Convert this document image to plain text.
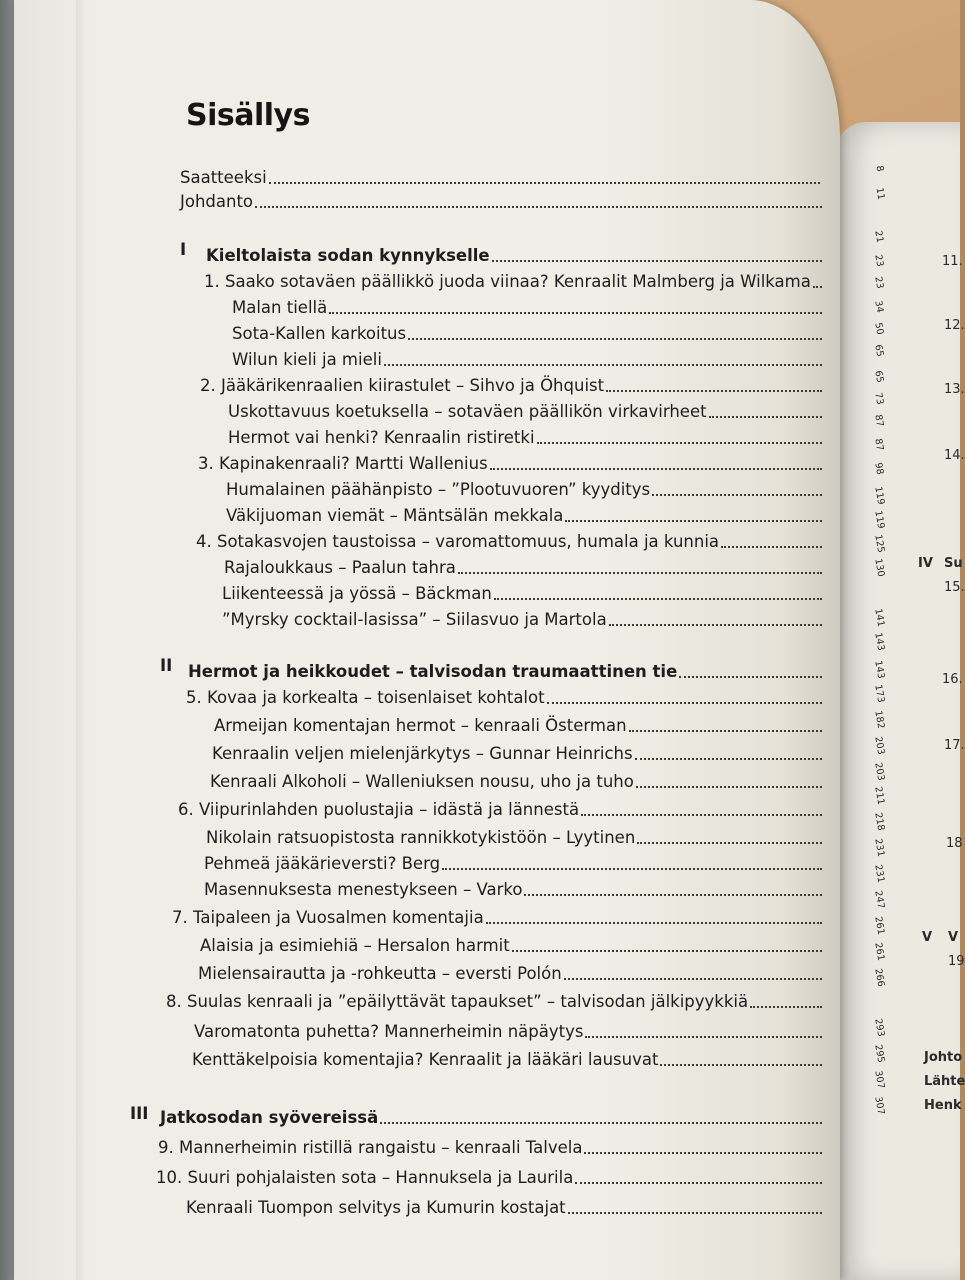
11.
12.
13.
14.
IV Su
15.
16.
17.
18
V V
19
Johto
Lähte
Henk
Sisällys
Saatteeksi
Johdanto
I Kieltolaista sodan kynnykselle
1. Saako sotaväen päällikkö juoda viinaa? Kenraalit Malmberg ja Wilkama
Malan tiellä
Sota-Kallen karkoitus
Wilun kieli ja mieli
2. Jääkärikenraalien kiirastulet – Sihvo ja Öhquist
Uskottavuus koetuksella – sotaväen päällikön virkavirheet
Hermot vai henki? Kenraalin ristiretki
3. Kapinakenraali? Martti Wallenius
Humalainen päähänpisto – ”Plootuvuoren” kyyditys
Väkijuoman viemät – Mäntsälän mekkala
4. Sotakasvojen taustoissa – varomattomuus, humala ja kunnia
Rajaloukkaus – Paalun tahra
Liikenteessä ja yössä – Bäckman
”Myrsky cocktail-lasissa” – Siilasvuo ja Martola
II Hermot ja heikkoudet – talvisodan traumaattinen tie
5. Kovaa ja korkealta – toisenlaiset kohtalot
Armeijan komentajan hermot – kenraali Österman
Kenraalin veljen mielenjärkytys – Gunnar Heinrichs
Kenraali Alkoholi – Walleniuksen nousu, uho ja tuho
6. Viipurinlahden puolustajia – idästä ja lännestä
Nikolain ratsuopistosta rannikkotykistöön – Lyytinen
Pehmeä jääkärieversti? Berg
Masennuksesta menestykseen – Varko
7. Taipaleen ja Vuosalmen komentajia
Alaisia ja esimiehiä – Hersalon harmit
Mielensairautta ja -rohkeutta – eversti Polón
8. Suulas kenraali ja ”epäilyttävät tapaukset” – talvisodan jälkipyykkiä
Varomatonta puhetta? Mannerheimin näpäytys
Kenttäkelpoisia komentajia? Kenraalit ja lääkäri lausuvat
III Jatkosodan syövereissä
9. Mannerheimin ristillä rangaistu – kenraali Talvela
10. Suuri pohjalaisten sota – Hannuksela ja Laurila
Kenraali Tuompon selvitys ja Kumurin kostajat
8
11
21
23
23
34
50
65
65
73
87
87
98
119
119
125
130
141
143
143
173
182
203
203
211
218
231
231
247
261
261
266
293
295
307
307
